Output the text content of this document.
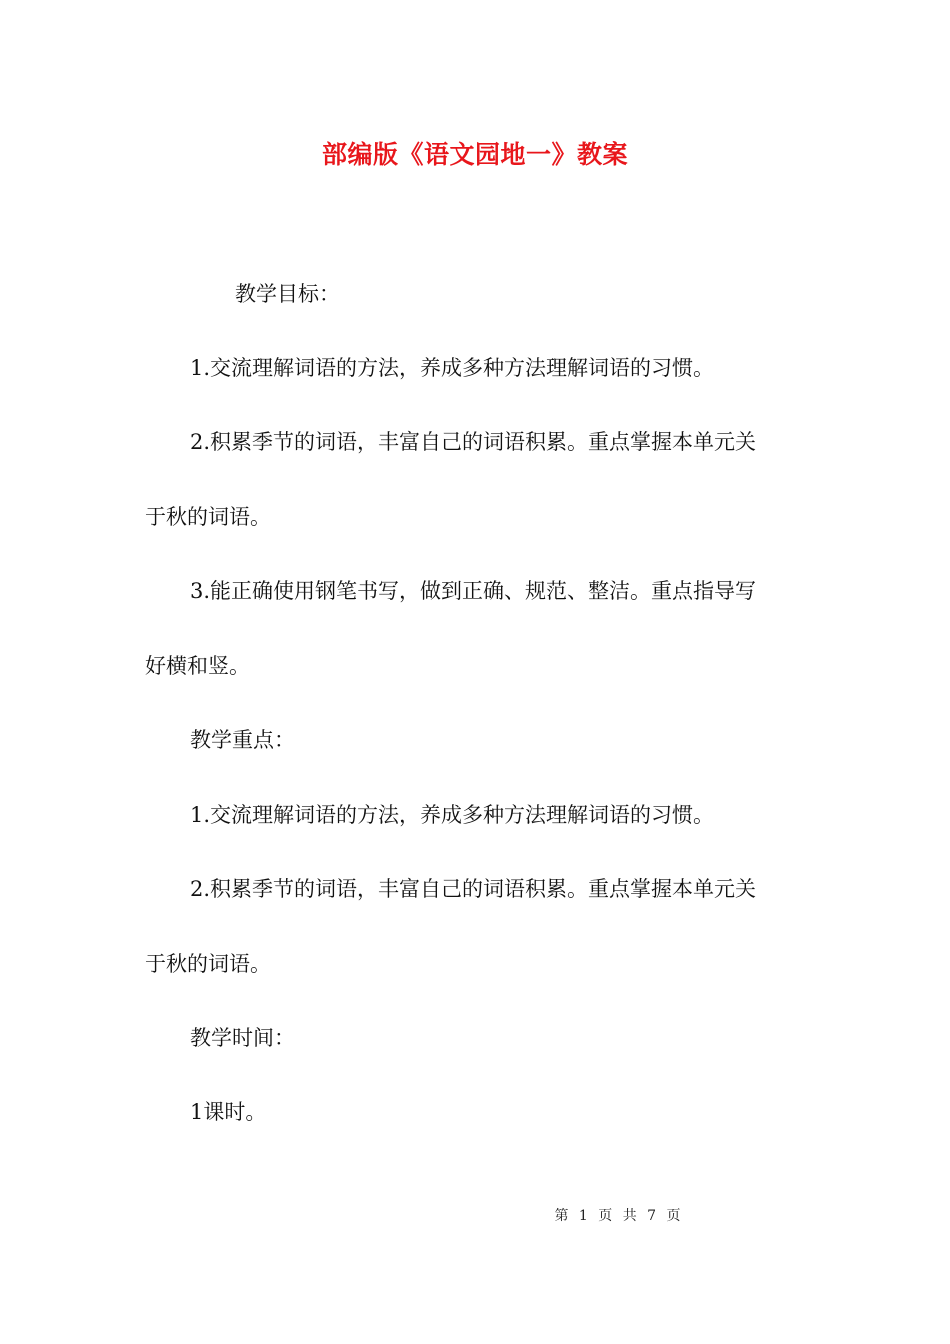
部编版《语文园地一》教案
教学目标：
1.交流理解词语的方法，养成多种方法理解词语的习惯。
2.积累季节的词语，丰富自己的词语积累。重点掌握本单元关
于秋的词语。
3.能正确使用钢笔书写，做到正确、规范、整洁。重点指导写
好横和竖。
教学重点：
1.交流理解词语的方法，养成多种方法理解词语的习惯。
2.积累季节的词语，丰富自己的词语积累。重点掌握本单元关
于秋的词语。
教学时间：
1课时。
第 1 页 共 7 页
